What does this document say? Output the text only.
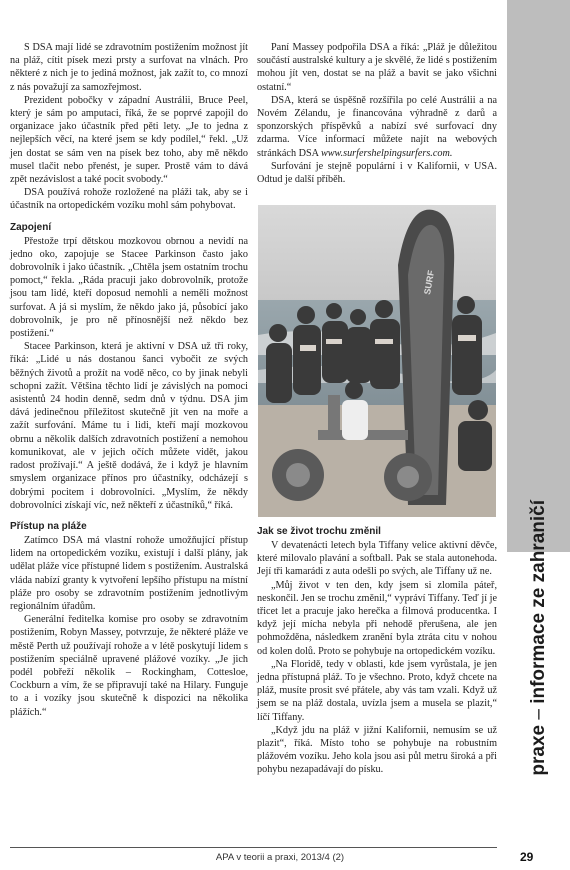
praxe – informace ze zahraničí

S DSA mají lidé se zdravotním postižením možnost jít na pláž, cítit písek mezi prsty a surfovat na vlnách. Pro některé z nich je to jediná možnost, jak zažít to, co mnozí z nás považují za samozřejmost.

Prezident pobočky v západní Austrálii, Bruce Peel, který je sám po amputaci, říká, že se poprvé zapojil do organizace jako účastník před pěti lety. „Je to jedna z nejlepších věcí, na které jsem se kdy podílel,“ řekl. „Už jen dostat se sám ven na písek bez toho, aby mě někdo musel tlačit nebo přenést, je super. Prostě vám to dává zpět nezávislost a také pocit svobody.“

DSA používá rohože rozložené na pláži tak, aby se i účastník na ortopedickém vozíku mohl sám pohybovat.

Zapojení

Přestože trpí dětskou mozkovou obrnou a nevidí na jedno oko, zapojuje se Stacee Parkinson často jako dobrovolník i jako účastník. „Chtěla jsem ostatním trochu pomoct,“ řekla. „Ráda pracuji jako dobrovolník, protože jsou tam lidé, kteří doposud nemohli a neměli možnost surfovat. A já si myslím, že někdo jako já, působící jako dobrovolník, je pro ně přínosnější než někdo bez postižení.“

Stacee Parkinson, která je aktivní v DSA už tři roky, říká: „Lidé u nás dostanou šanci vybočit ze svých běžných životů a prožít na vodě něco, co by jinak nebyli schopni zažít. Většina těchto lidí je závislých na pomoci asistentů 24 hodin denně, sedm dnů v týdnu. DSA jim dává jedinečnou příležitost skutečně jít ven na moře a zažít surfování. Máme tu i lidi, kteří mají mozkovou obrnu a několik dalších zdravotních postižení a nemohou komunikovat, ale v jejich očích můžete vidět, jakou radost prožívají.“ A ještě dodává, že i když je hlavním smyslem organizace přínos pro účastníky, odcházejí s dobrými pocitem i dobrovolníci. „Myslím, že někdy dobrovolníci získají víc, než někteří z účastníků,“ říká.

Přístup na pláže

Zatímco DSA má vlastní rohože umožňující přístup lidem na ortopedickém vozíku, existují i další plány, jak udělat pláže více přístupné lidem s postižením. Australská vláda nabízí granty k vytvoření lepšího přístupu na místní pláže pro osoby se zdravotním postižením jednotlivým regionálním úřadům.

Generální ředitelka komise pro osoby se zdravotním postižením, Robyn Massey, potvrzuje, že některé pláže ve městě Perth už používají rohože a v létě poskytují lidem s postižením speciálně upravené plážové vozíky. „Je jich podél pobřeží několik – Rockingham, Cottesloe, Cockburn a vím, že se připravují také na Hilary. Funguje to a i vozíky jsou skutečně k dispozici na několika plážích.“

Paní Massey podpořila DSA a říká: „Pláž je důležitou součástí australské kultury a je skvělé, že lidé s postižením mohou jít ven, dostat se na pláž a bavit se jako všichni ostatní.“

DSA, která se úspěšně rozšířila po celé Austrálii a na Novém Zélandu, je financována výhradně z darů a sponzorských příspěvků a nabízí své surfovací dny zdarma. Více informací můžete najít na webových stránkách DSA www.surfershelpingsurfers.com.

Surfování je stejně populární i v Kalifornii, v USA. Odtud je další příběh.

SURF
Jak se život trochu změnil

V devatenácti letech byla Tiffany velice aktivní děvče, které milovalo plavání a softball. Pak se stala autonehoda. Její tři kamarádi z auta odešli po svých, ale Tiffany už ne.

„Můj život v ten den, kdy jsem si zlomila páteř, neskončil. Jen se trochu změnil,“ vypráví Tiffany. Teď jí je třicet let a pracuje jako herečka a filmová producentka. I když její mícha nebyla při nehodě přerušena, ale jen pohmožděna, následkem zranění byla ztráta citu v nohou od kolen dolů. Proto se pohybuje na ortopedickém vozíku.

„Na Floridě, tedy v oblasti, kde jsem vyrůstala, je jen jedna přístupná pláž. To je všechno. Proto, když chcete na pláž, musíte prosit své přátele, aby vás tam vzali. Když už jsem se na pláž dostala, uvízla jsem a musela se plazit,“ líčí Tiffany.

„Když jdu na pláž v jižní Kalifornii, nemusím se už plazit“, říká. Místo toho se pohybuje na robustním plážovém vozíku. Jeho kola jsou asi půl metru široká a při pohybu nezapadávají do písku.

APA v teorii a praxi, 2013/4 (2)	29
